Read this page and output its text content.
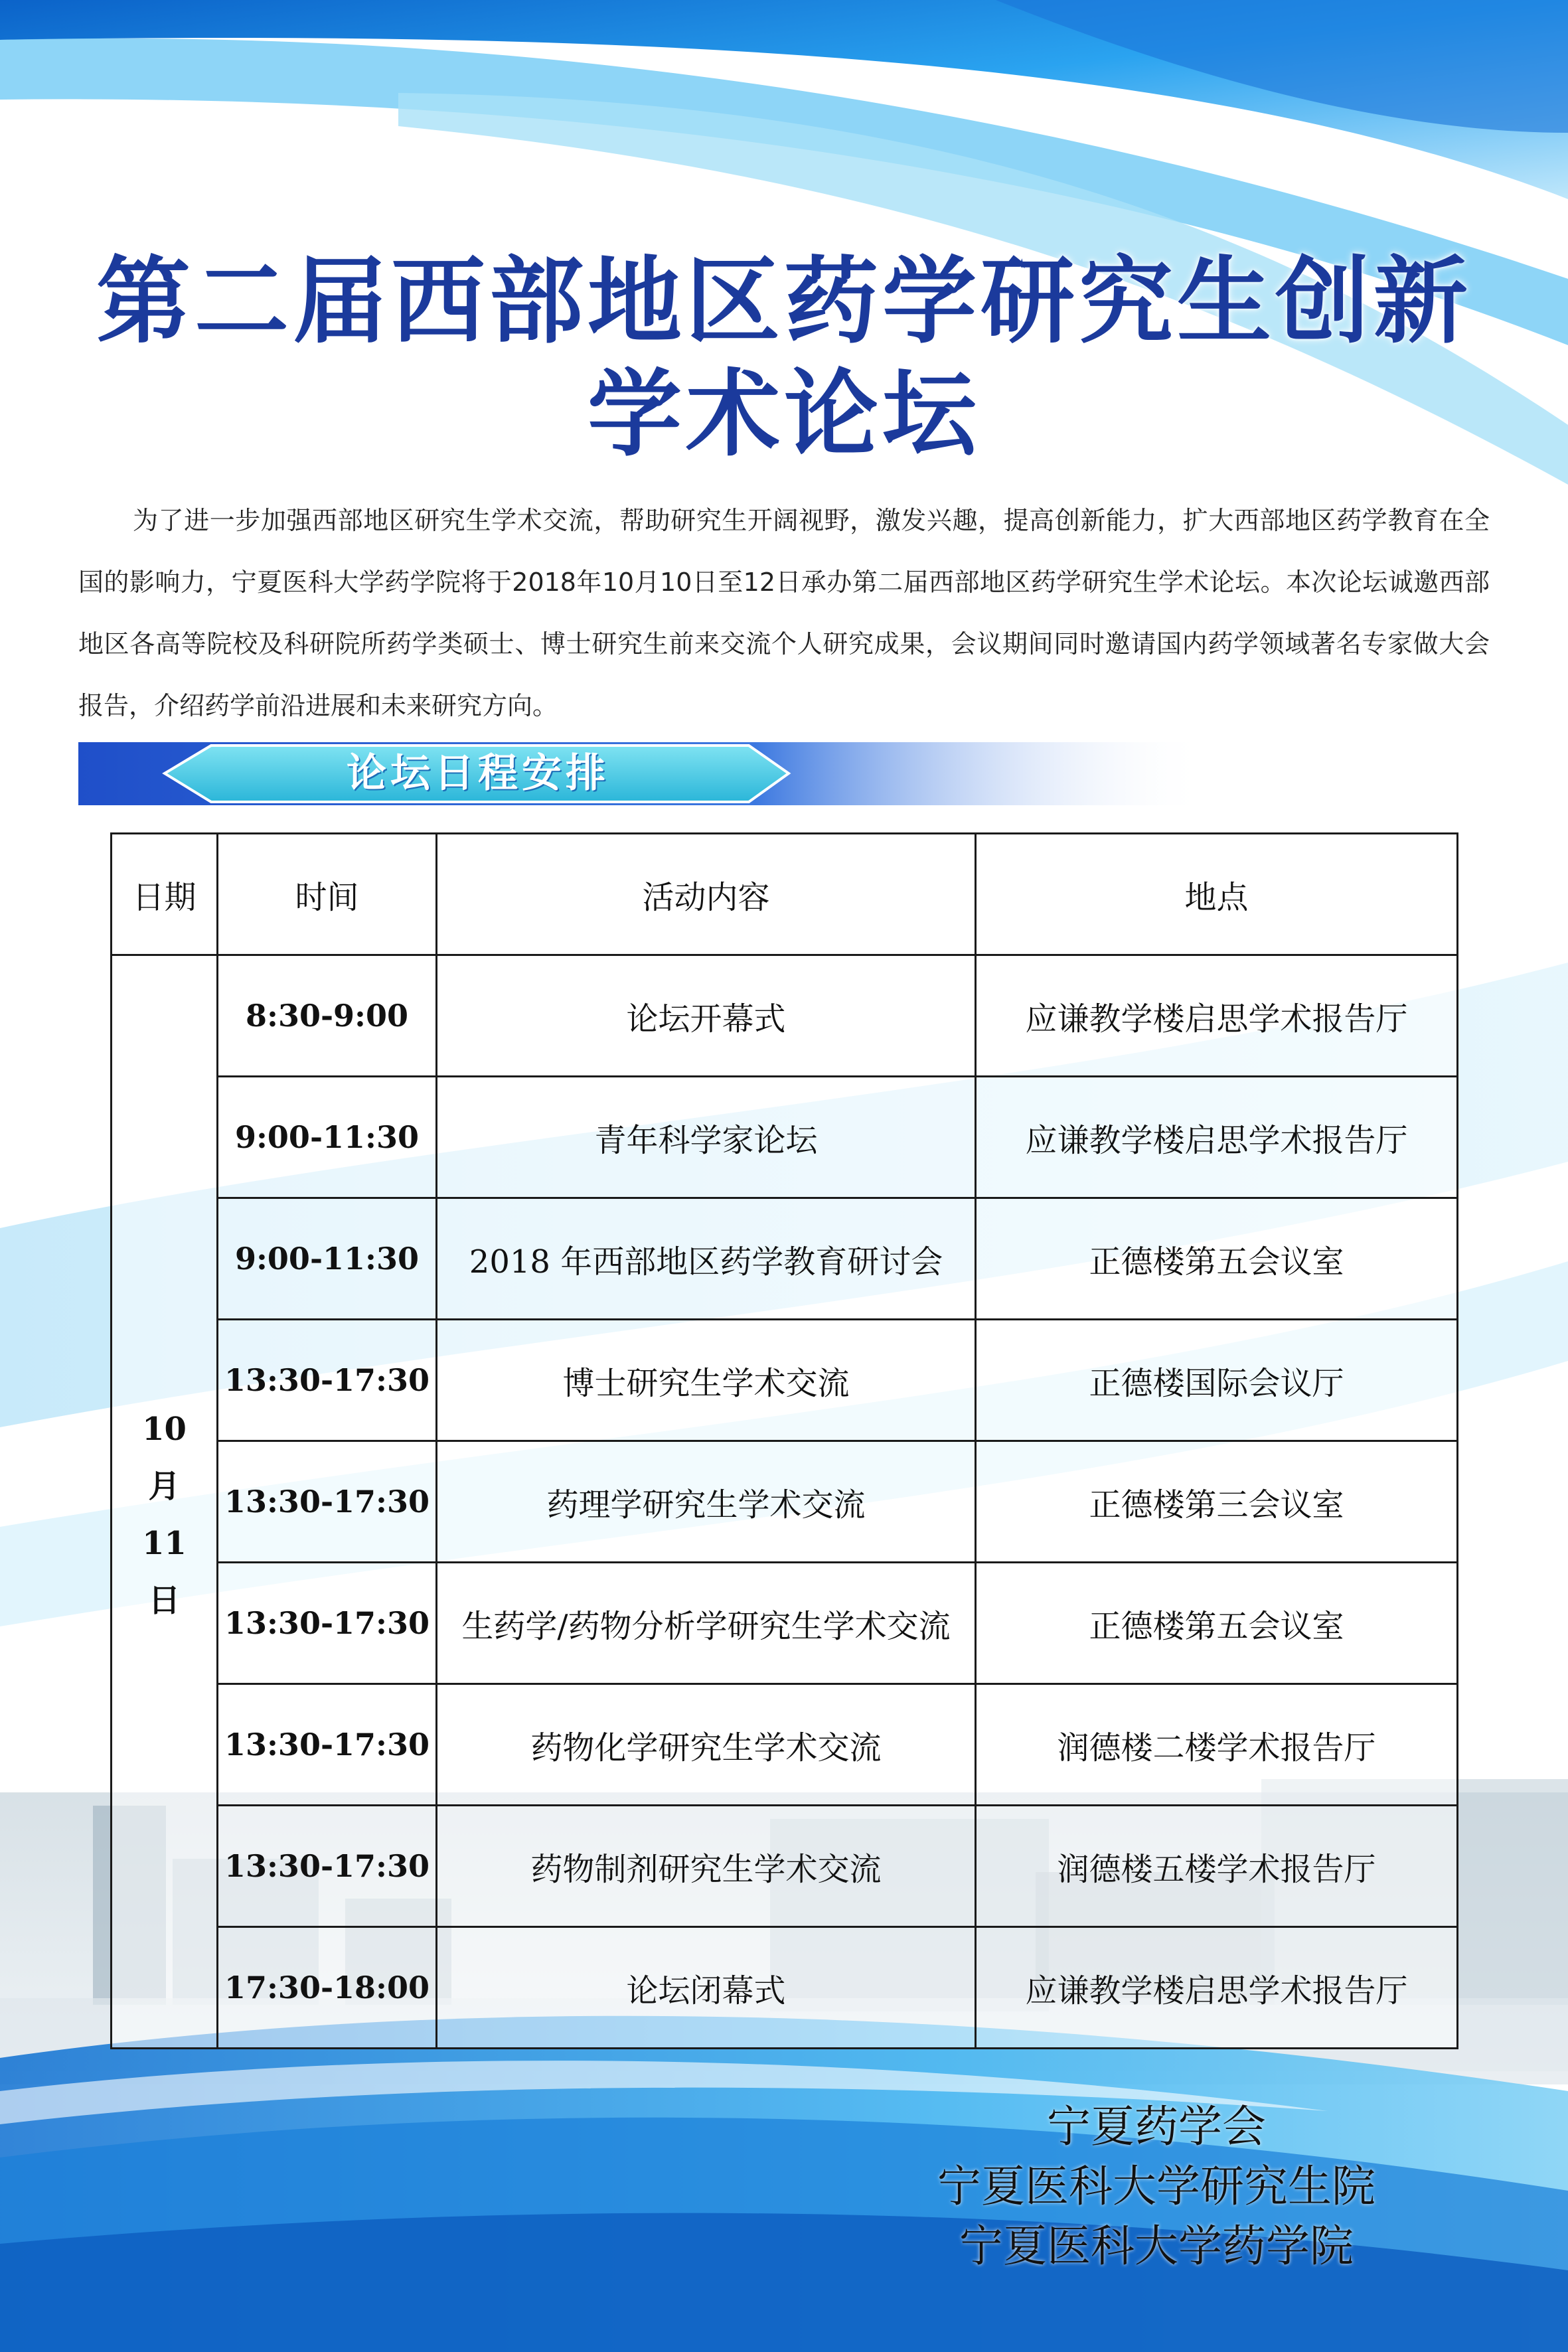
第二届西部地区药学研究生创新
学术论坛

为了进一步加强西部地区研究生学术交流，帮助研究生开阔视野，激发兴趣，提高创新能力，扩大西部地区药学教育在全国的影响力，宁夏医科大学药学院将于2018年10月10日至12日承办第二届西部地区药学研究生学术论坛。本次论坛诚邀西部地区各高等院校及科研院所药学类硕士、博士研究生前来交流个人研究成果，会议期间同时邀请国内药学领域著名专家做大会报告，介绍药学前沿进展和未来研究方向。

论坛日程安排
日期	时间	活动内容	地点

10
月
11
日	8:30-9:00	论坛开幕式	应谦教学楼启思学术报告厅
	9:00-11:30	青年科学家论坛	应谦教学楼启思学术报告厅
	9:00-11:30	2018 年西部地区药学教育研讨会	正德楼第五会议室
	13:30-17:30	博士研究生学术交流	正德楼国际会议厅
	13:30-17:30	药理学研究生学术交流	正德楼第三会议室
	13:30-17:30	生药学/药物分析学研究生学术交流	正德楼第五会议室
	13:30-17:30	药物化学研究生学术交流	润德楼二楼学术报告厅
	13:30-17:30	药物制剂研究生学术交流	润德楼五楼学术报告厅
	17:30-18:00	论坛闭幕式	应谦教学楼启思学术报告厅
宁夏药学会
宁夏医科大学研究生院
宁夏医科大学药学院
